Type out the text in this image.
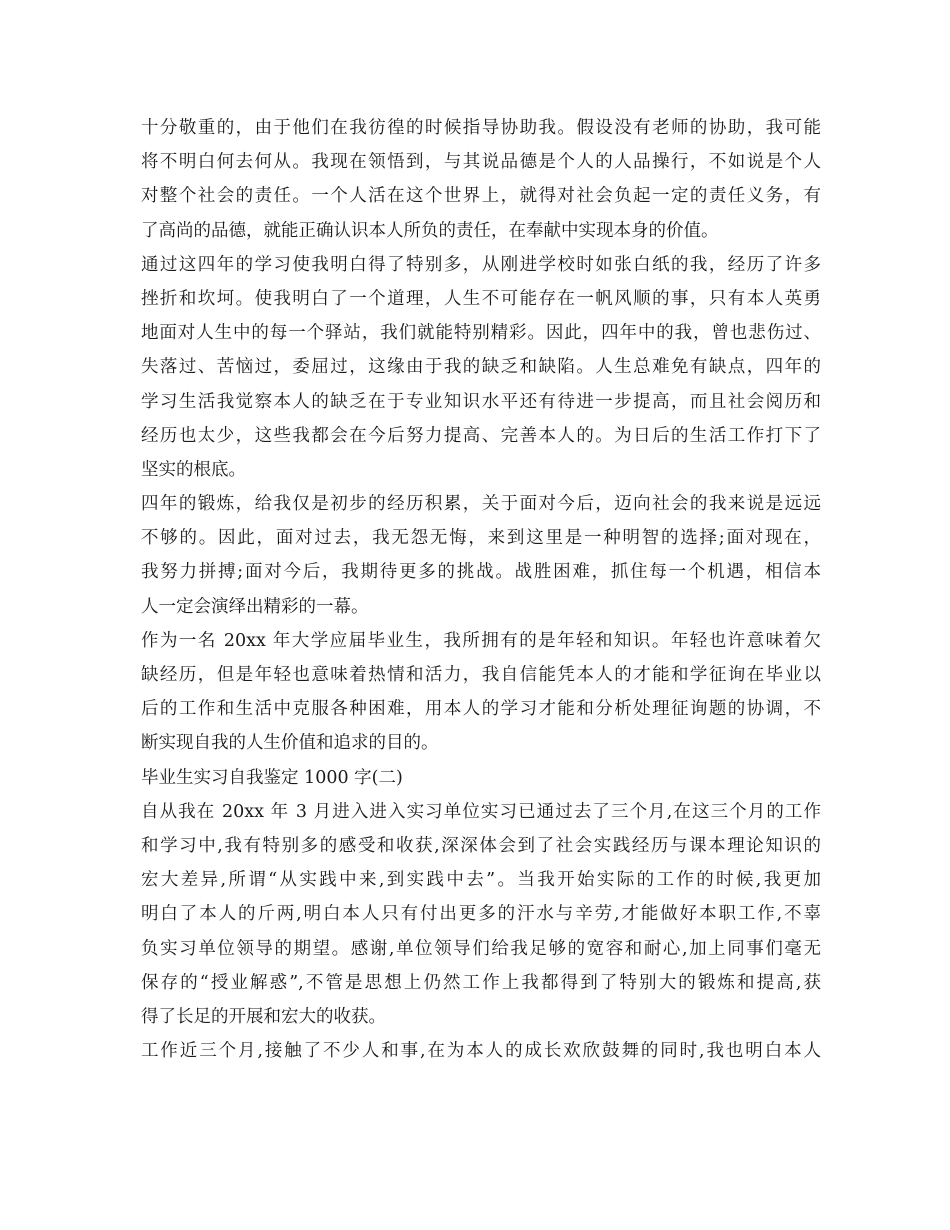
十分敬重的，由于他们在我彷徨的时候指导协助我。假设没有老师的协助，我可能
将不明白何去何从。我现在领悟到，与其说品德是个人的人品操行，不如说是个人
对整个社会的责任。一个人活在这个世界上，就得对社会负起一定的责任义务，有
了高尚的品德，就能正确认识本人所负的责任，在奉献中实现本身的价值。
通过这四年的学习使我明白得了特别多，从刚进学校时如张白纸的我，经历了许多
挫折和坎坷。使我明白了一个道理，人生不可能存在一帆风顺的事，只有本人英勇
地面对人生中的每一个驿站，我们就能特别精彩。因此，四年中的我，曾也悲伤过、
失落过、苦恼过，委屈过，这缘由于我的缺乏和缺陷。人生总难免有缺点，四年的
学习生活我觉察本人的缺乏在于专业知识水平还有待进一步提高，而且社会阅历和
经历也太少，这些我都会在今后努力提高、完善本人的。为日后的生活工作打下了
坚实的根底。
四年的锻炼，给我仅是初步的经历积累，关于面对今后，迈向社会的我来说是远远
不够的。因此，面对过去，我无怨无悔，来到这里是一种明智的选择;面对现在，
我努力拼搏;面对今后，我期待更多的挑战。战胜困难，抓住每一个机遇，相信本
人一定会演绎出精彩的一幕。
作为一名 20xx 年大学应届毕业生，我所拥有的是年轻和知识。年轻也许意味着欠
缺经历，但是年轻也意味着热情和活力，我自信能凭本人的才能和学征询在毕业以
后的工作和生活中克服各种困难，用本人的学习才能和分析处理征询题的协调，不
断实现自我的人生价值和追求的目的。
毕业生实习自我鉴定 1000 字(二)
自从我在 20xx 年 3 月进入进入实习单位实习已通过去了三个月,在这三个月的工作
和学习中,我有特别多的感受和收获,深深体会到了社会实践经历与课本理论知识的
宏大差异,所谓“从实践中来,到实践中去”。当我开始实际的工作的时候,我更加
明白了本人的斤两,明白本人只有付出更多的汗水与辛劳,才能做好本职工作,不辜
负实习单位领导的期望。感谢,单位领导们给我足够的宽容和耐心,加上同事们毫无
保存的“授业解惑”,不管是思想上仍然工作上我都得到了特别大的锻炼和提高,获
得了长足的开展和宏大的收获。
工作近三个月,接触了不少人和事,在为本人的成长欢欣鼓舞的同时,我也明白本人
